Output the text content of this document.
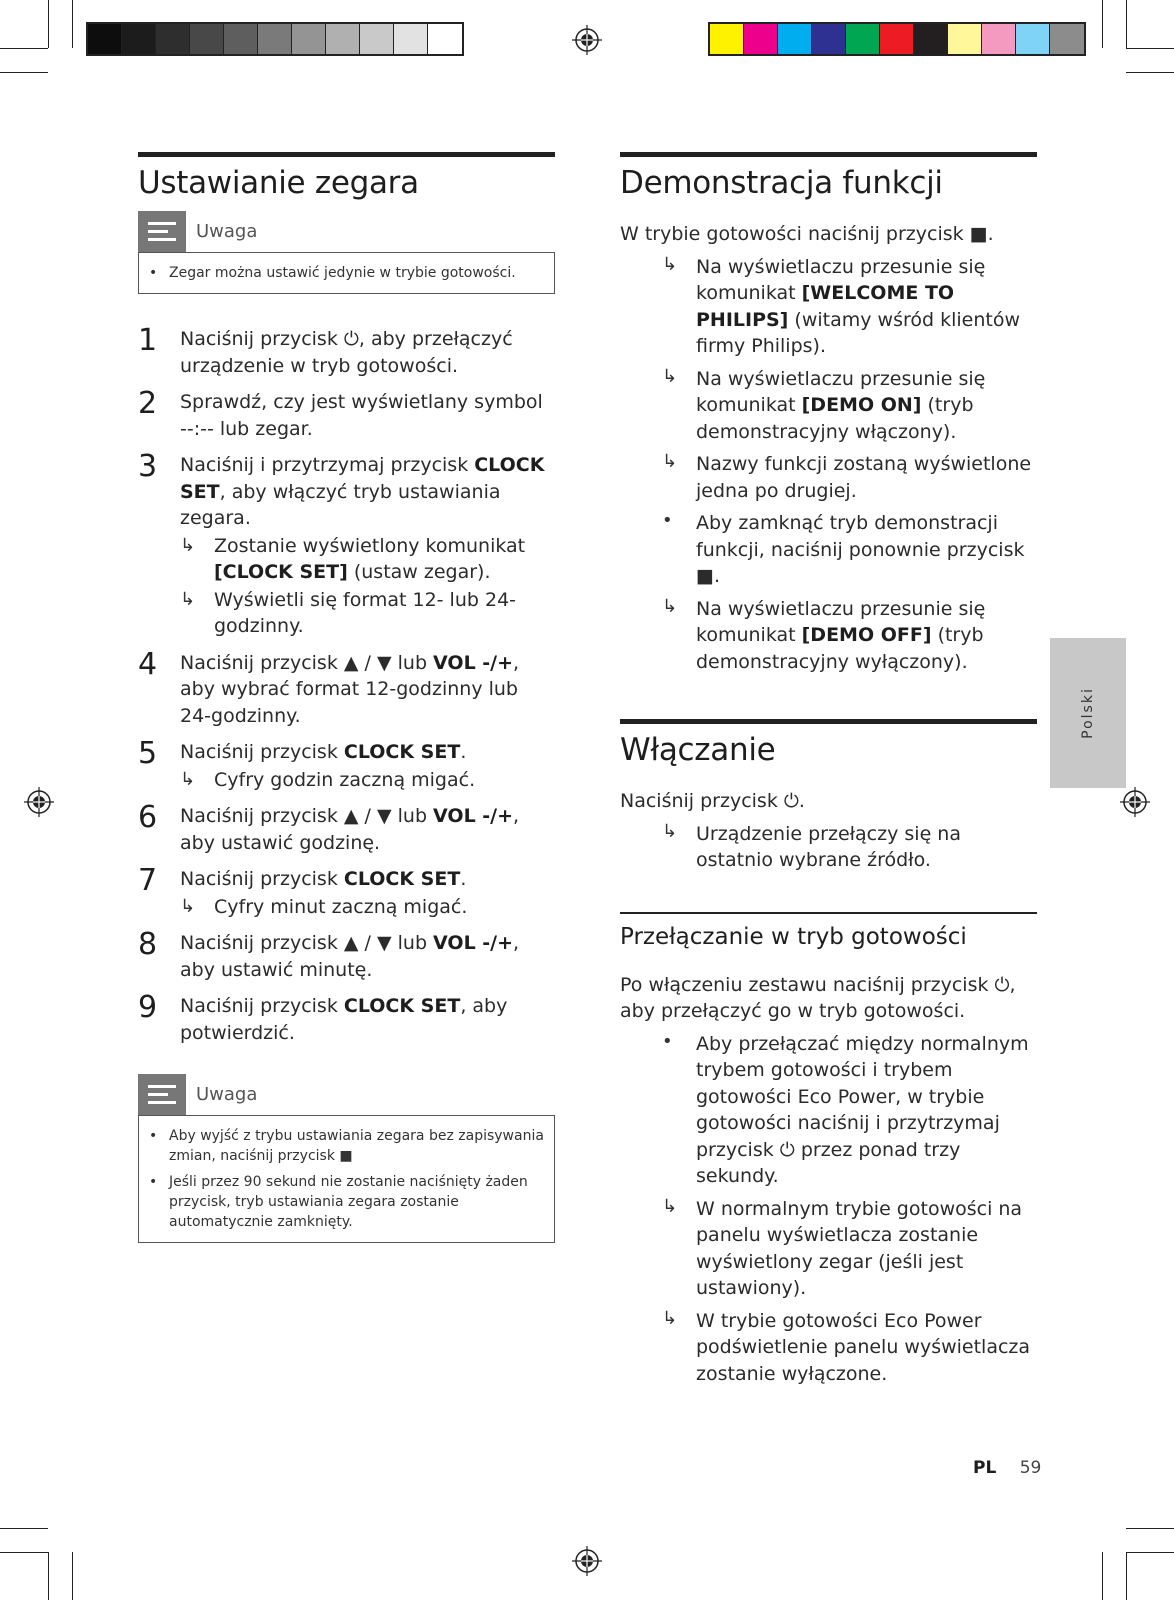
Ustawianie zegara
Uwaga
• Zegar można ustawić jedynie w trybie gotowości.
1	Naciśnij przycisk ⏻, aby przełączyć urządzenie w tryb gotowości.
2	Sprawdź, czy jest wyświetlany symbol --:-- lub zegar.
3	Naciśnij i przytrzymaj przycisk CLOCK SET, aby włączyć tryb ustawiania zegara.
↳ Zostanie wyświetlony komunikat [CLOCK SET] (ustaw zegar).
↳ Wyświetli się format 12- lub 24-godzinny.
4	Naciśnij przycisk ▲ / ▼ lub VOL -/+, aby wybrać format 12-godzinny lub 24-godzinny.
5	Naciśnij przycisk CLOCK SET.
↳ Cyfry godzin zaczną migać.
6	Naciśnij przycisk ▲ / ▼ lub VOL -/+, aby ustawić godzinę.
7	Naciśnij przycisk CLOCK SET.
↳ Cyfry minut zaczną migać.
8	Naciśnij przycisk ▲ / ▼ lub VOL -/+, aby ustawić minutę.
9	Naciśnij przycisk CLOCK SET, aby potwierdzić.
Uwaga
• Aby wyjść z trybu ustawiania zegara bez zapisywania zmian, naciśnij przycisk ■
• Jeśli przez 90 sekund nie zostanie naciśnięty żaden przycisk, tryb ustawiania zegara zostanie automatycznie zamknięty.
Demonstracja funkcji
W trybie gotowości naciśnij przycisk ■.
↳ Na wyświetlaczu przesunie się komunikat [WELCOME TO PHILIPS] (witamy wśród klientów firmy Philips).
↳ Na wyświetlaczu przesunie się komunikat [DEMO ON] (tryb demonstracyjny włączony).
↳ Nazwy funkcji zostaną wyświetlone jedna po drugiej.
•	Aby zamknąć tryb demonstracji funkcji, naciśnij ponownie przycisk ■.
↳ Na wyświetlaczu przesunie się komunikat [DEMO OFF] (tryb demonstracyjny wyłączony).
Włączanie
Naciśnij przycisk ⏻.
↳ Urządzenie przełączy się na ostatnio wybrane źródło.
Przełączanie w tryb gotowości
Po włączeniu zestawu naciśnij przycisk ⏻, aby przełączyć go w tryb gotowości.
•	Aby przełączać między normalnym trybem gotowości i trybem gotowości Eco Power, w trybie gotowości naciśnij i przytrzymaj przycisk ⏻ przez ponad trzy sekundy.
↳ W normalnym trybie gotowości na panelu wyświetlacza zostanie wyświetlony zegar (jeśli jest ustawiony).
↳ W trybie gotowości Eco Power podświetlenie panelu wyświetlacza zostanie wyłączone.
Polski
PL 59
